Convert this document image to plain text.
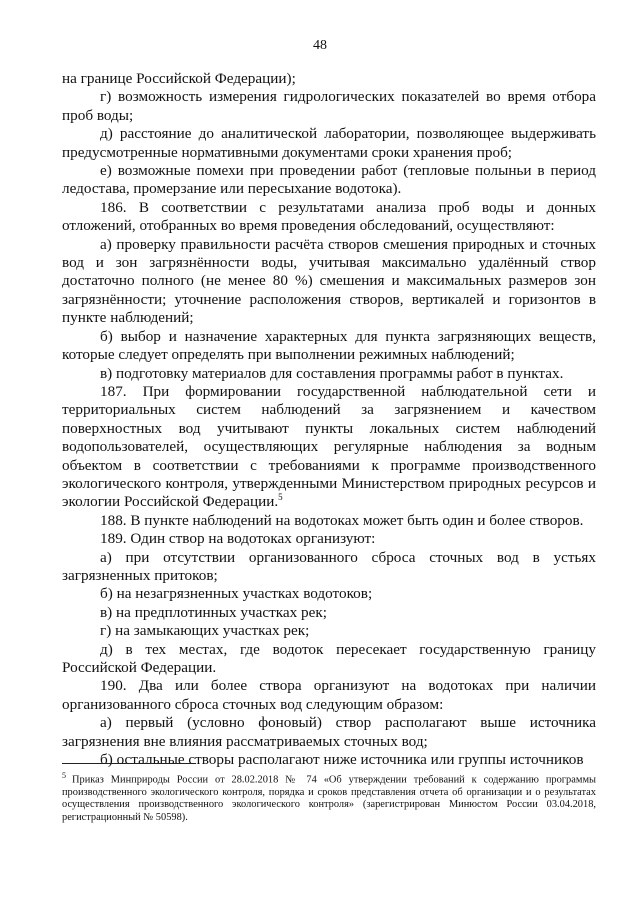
48

на границе Российской Федерации);

г) возможность измерения гидрологических показателей во время отбора проб воды;

д) расстояние до аналитической лаборатории, позволяющее выдерживать предусмотренные нормативными документами сроки хранения проб;

е) возможные помехи при проведении работ (тепловые полыньи в период ледостава, промерзание или пересыхание водотока).

186. В соответствии с результатами анализа проб воды и донных отложений, отобранных во время проведения обследований, осуществляют:

а) проверку правильности расчёта створов смешения природных и сточных вод и зон загрязнённости воды, учитывая максимально удалённый створ достаточно полного (не менее 80 %) смешения и максимальных размеров зон загрязнённости; уточнение расположения створов, вертикалей и горизонтов в пункте наблюдений;

б) выбор и назначение характерных для пункта загрязняющих веществ, которые следует определять при выполнении режимных наблюдений;

в) подготовку материалов для составления программы работ в пунктах.

187. При формировании государственной наблюдательной сети и территориальных систем наблюдений за загрязнением и качеством поверхностных вод учитывают пункты локальных систем наблюдений водопользователей, осуществляющих регулярные наблюдения за водным объектом в соответствии с требованиями к программе производственного экологического контроля, утвержденными Министерством природных ресурсов и экологии Российской Федерации.$^5$

188. В пункте наблюдений на водотоках может быть один и более створов.

189. Один створ на водотоках организуют:

а) при отсутствии организованного сброса сточных вод в устьях загрязненных притоков;

б) на незагрязненных участках водотоков;

в) на предплотинных участках рек;

г) на замыкающих участках рек;

д) в тех местах, где водоток пересекает государственную границу Российской Федерации.

190. Два или более створа организуют на водотоках при наличии организованного сброса сточных вод следующим образом:

а) первый (условно фоновый) створ располагают выше источника загрязнения вне влияния рассматриваемых сточных вод;

б) остальные створы располагают ниже источника или группы источников

$^5$ Приказ Минприроды России от 28.02.2018 № 74 «Об утверждении требований к содержанию программы производственного экологического контроля, порядка и сроков представления отчета об организации и о результатах осуществления производственного экологического контроля» (зарегистрирован Минюстом России 03.04.2018, регистрационный № 50598).
